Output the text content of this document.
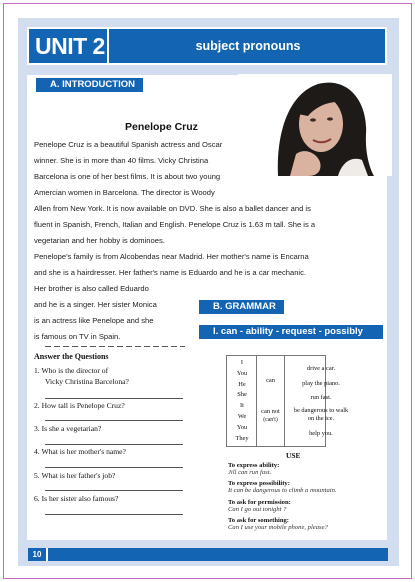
UNIT 2	subject pronouns
A. INTRODUCTION
Penelope Cruz
Penelope Cruz is a beautiful Spanish actress and Oscar
winner. She is in more than 40 films. Vicky Christina
Barcelona is one of her best films. It is about two young
Amercian women in Barcelona. The director is Woody
Allen from New York. It is now available on DVD. She is also a ballet dancer and is
fluent in Spanish, French, Italian and English. Penelope Cruz is 1.63 m tall. She is a
vegetarian and her hobby is dominoes.
Penelope's family is from Alcobendas near Madrid. Her mother's name is Encarna
and she is a hairdresser. Her father's name is Eduardo and he is a car mechanic.
Her brother is also called Eduardo
and he is a singer. Her sister Monica
is an actress like Penelope and she
is famous on TV in Spain.
B. GRAMMAR
I. can - ability - request - possibly
Answer the Questions
1. Who is the director of
Vicky Christina Barcelona?
2. How tall is Penelope Cruz?
3. Is she a vegetarian?
4. What is her mother's name?
5. What is her father's job?
6. Is her sister also famous?
I
You
He
She
It
We
You
They
can
can not
(can't)
drive a car.
play the piano.
run fast.
be dangerous to walk
on the ice.
help you.
USE
To express ability:
Jill can run fast.
To express possibility:
It can be dangerous to climb a mountain.
To ask for permission:
Can I go out tonight ?
To ask for something:
Can I use your mobile phone, please?
10
